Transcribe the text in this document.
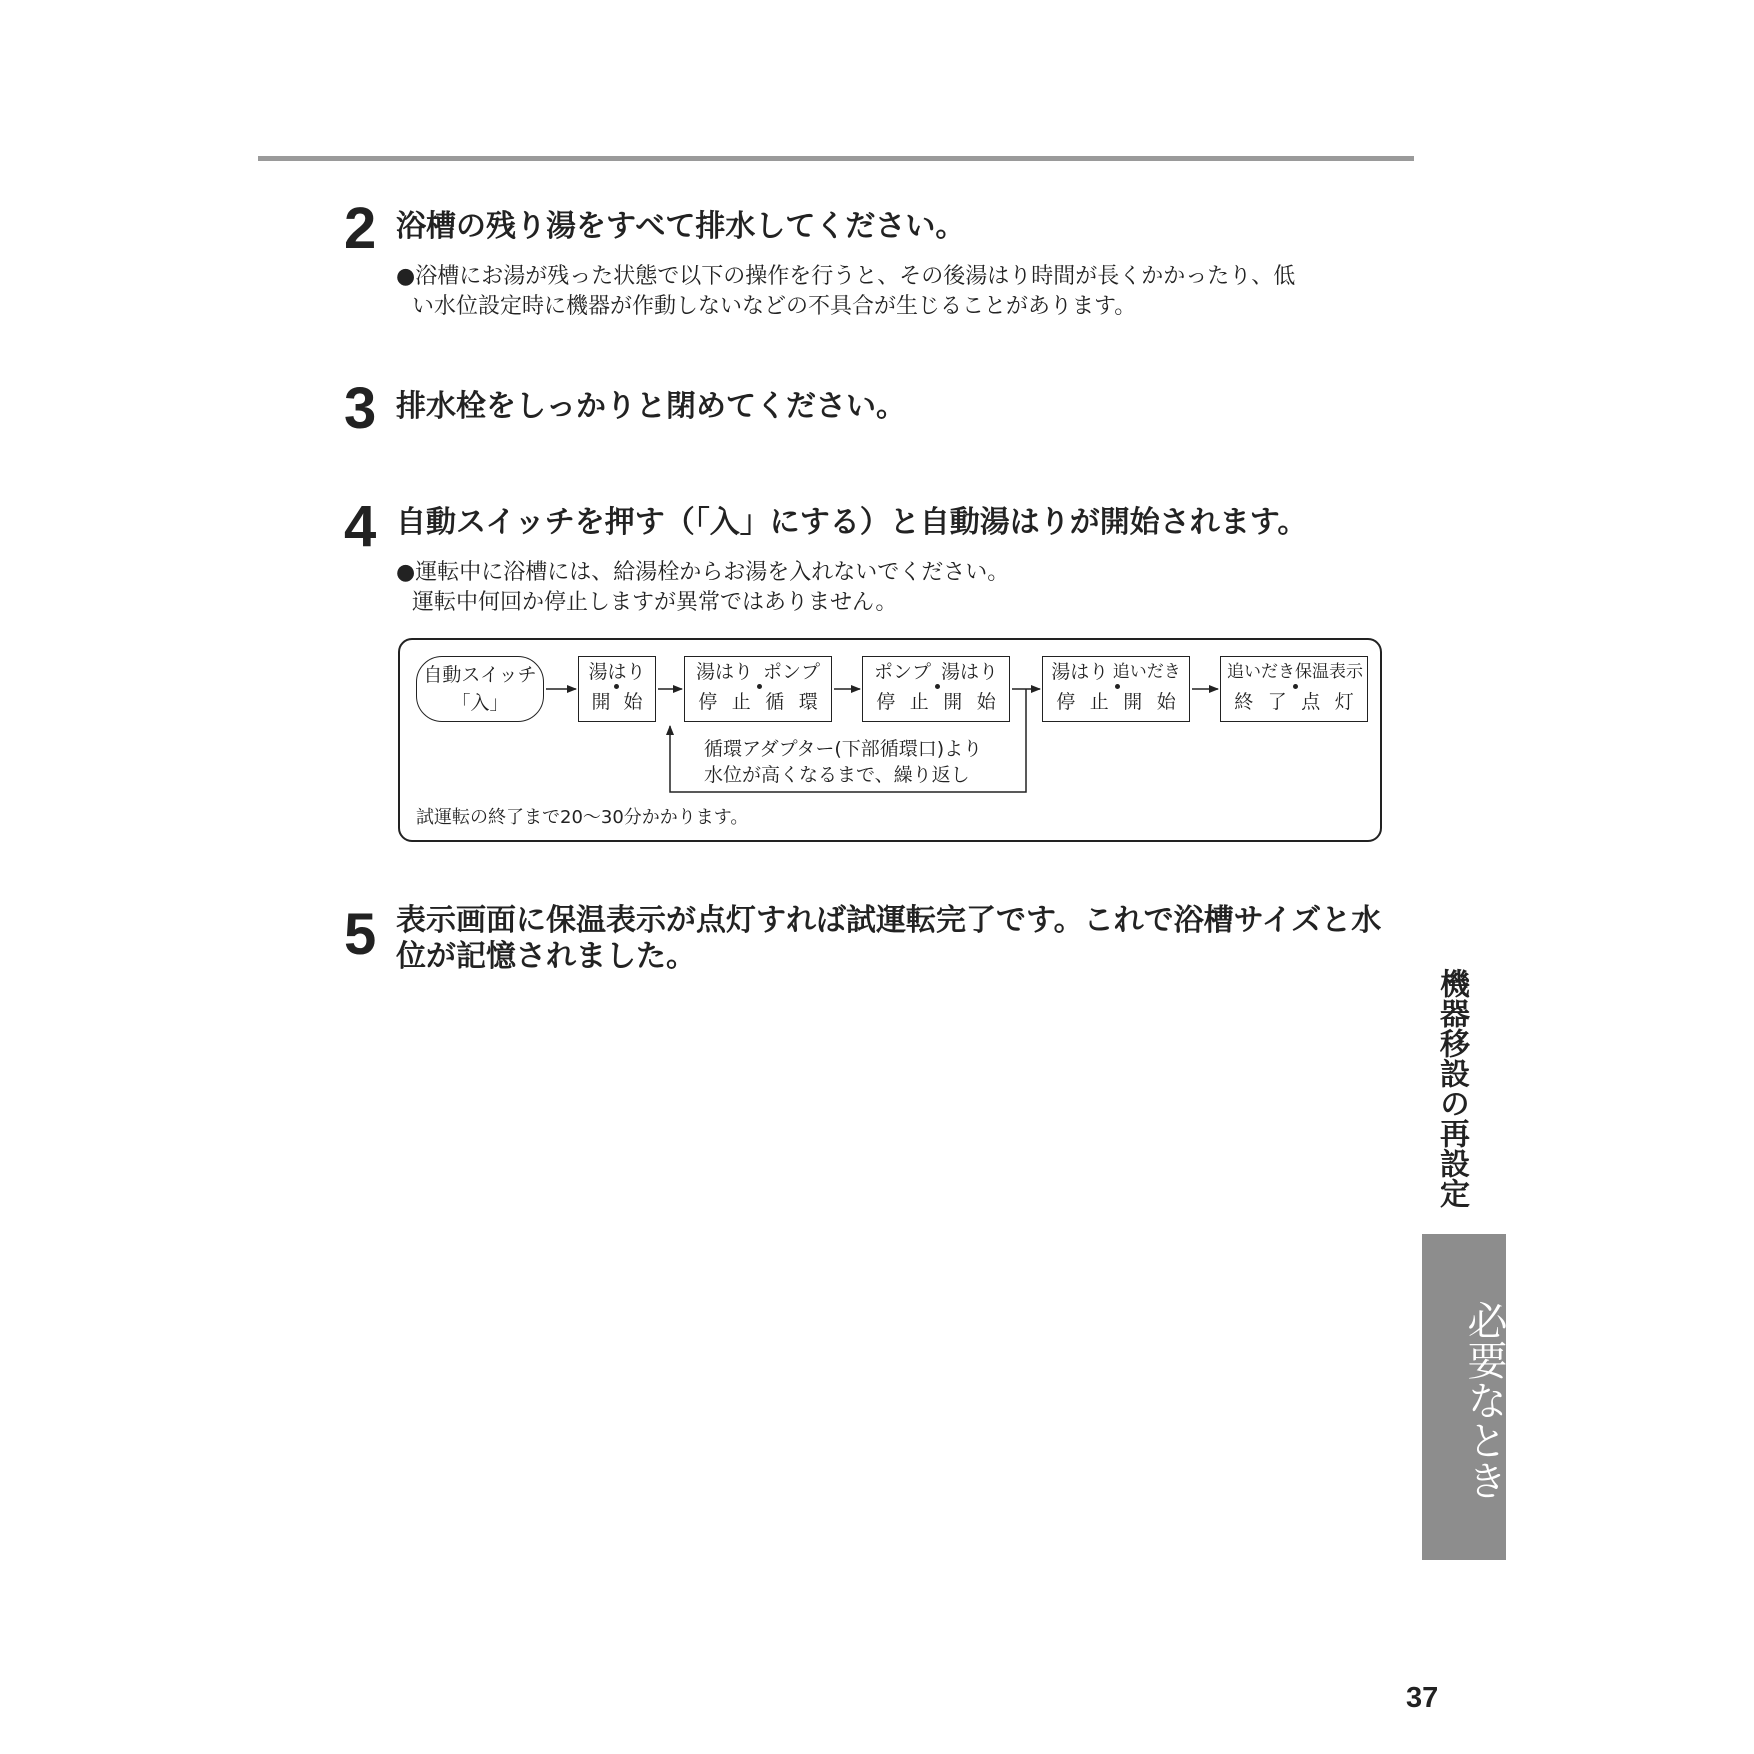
2 浴槽の残り湯をすべて排水してください。
●浴槽にお湯が残った状態で以下の操作を行うと、その後湯はり時間が長くかかったり、低
い水位設定時に機器が作動しないなどの不具合が生じることがあります。
3 排水栓をしっかりと閉めてください。
4 自動スイッチを押す（「入」にする）と自動湯はりが開始されます。
●運転中に浴槽には、給湯栓からお湯を入れないでください。
運転中何回か停止しますが異常ではありません。
自動スイッチ
「入」
湯はり
開 始
湯はり ポンプ
停 止 循 環
ポンプ 湯はり
停 止 開 始
湯はり 追いだき
停 止 開 始
追いだき 保温表示
終 了 点 灯
循環アダプター(下部循環口)より
水位が高くなるまで、繰り返し
試運転の終了まで20～30分かかります。
5 表示画面に保温表示が点灯すれば試運転完了です。これで浴槽サイズと水
位が記憶されました。
機器移設の再設定
必要なとき
37
